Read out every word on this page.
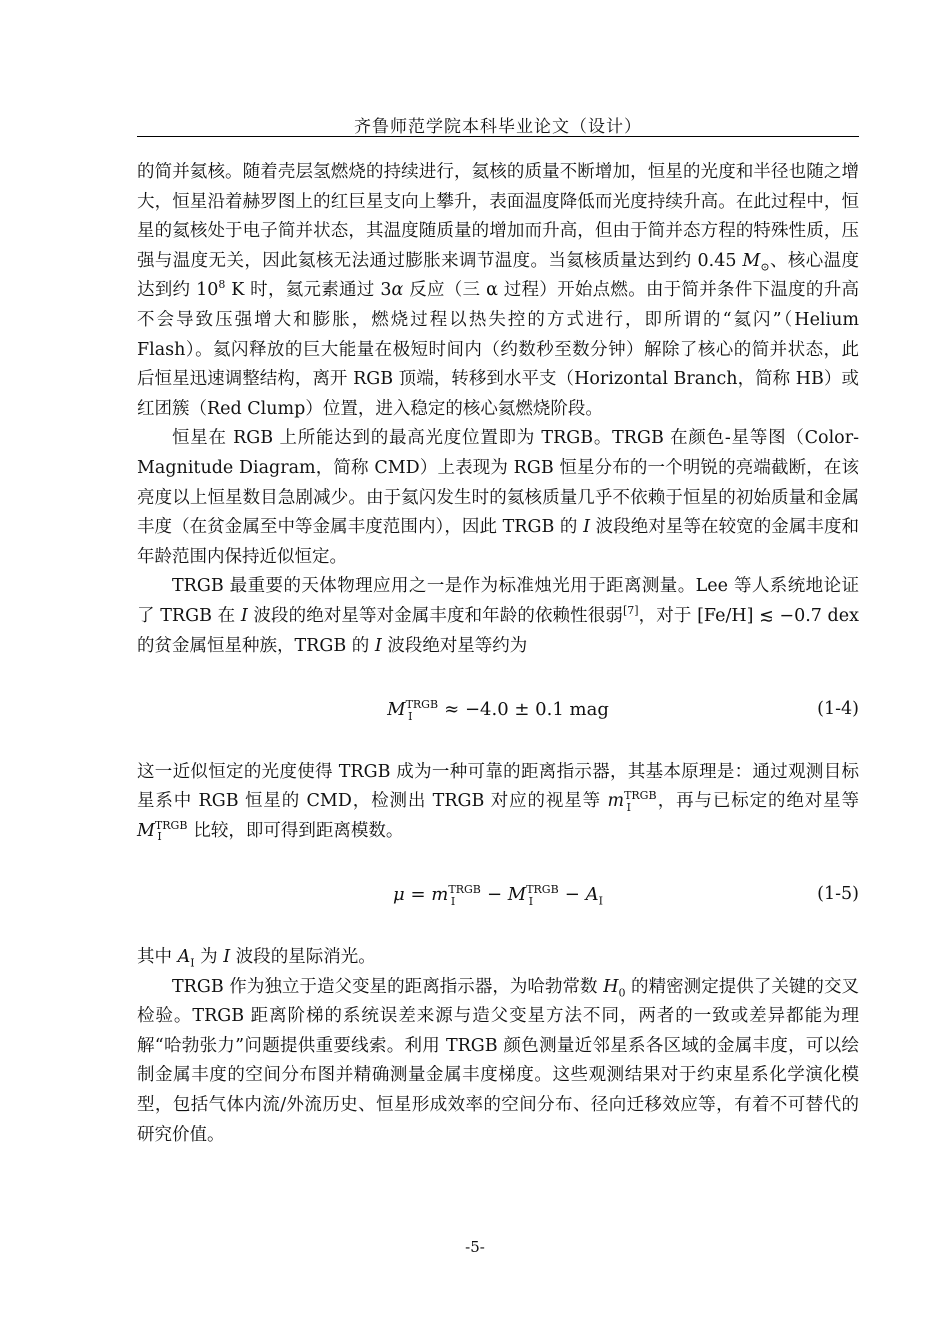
齐鲁师范学院本科毕业论文（设计）

的简并氦核。随着壳层氢燃烧的持续进行，氦核的质量不断增加，恒星的光度和半径也随之增大，恒星沿着赫罗图上的红巨星支向上攀升，表面温度降低而光度持续升高。在此过程中，恒星的氦核处于电子简并状态，其温度随质量的增加而升高，但由于简并态方程的特殊性质，压强与温度无关，因此氦核无法通过膨胀来调节温度。当氦核质量达到约 0.45 $M_⊙$、核心温度达到约 $10^8$ K 时，氦元素通过 3α 反应（三 α 过程）开始点燃。由于简并条件下温度的升高不会导致压强增大和膨胀，燃烧过程以热失控的方式进行，即所谓的“氦闪”（Helium Flash）。氦闪释放的巨大能量在极短时间内（约数秒至数分钟）解除了核心的简并状态，此后恒星迅速调整结构，离开 RGB 顶端，转移到水平支（Horizontal Branch，简称 HB）或红团簇（Red Clump）位置，进入稳定的核心氦燃烧阶段。

恒星在 RGB 上所能达到的最高光度位置即为 TRGB。TRGB 在颜色-星等图（Color-Magnitude Diagram，简称 CMD）上表现为 RGB 恒星分布的一个明锐的亮端截断，在该亮度以上恒星数目急剧减少。由于氦闪发生时的氦核质量几乎不依赖于恒星的初始质量和金属丰度（在贫金属至中等金属丰度范围内），因此 TRGB 的 I 波段绝对星等在较宽的金属丰度和年龄范围内保持近似恒定。

TRGB 最重要的天体物理应用之一是作为标准烛光用于距离测量。Lee 等人系统地论证了 TRGB 在 I 波段的绝对星等对金属丰度和年龄的依赖性很弱[7]，对于 [Fe/H] ≲ −0.7 dex 的贫金属恒星种族，TRGB 的 I 波段绝对星等约为

$M^{TRGB}_I \approx -4.0 \pm 0.1$ mag	(1-4)

这一近似恒定的光度使得 TRGB 成为一种可靠的距离指示器，其基本原理是：通过观测目标星系中 RGB 恒星的 CMD，检测出 TRGB 对应的视星等 $m^{TRGB}_I$ ，再与已标定的绝对星等 $M^{TRGB}_I$ 比较，即可得到距离模数。

$\mu = m^{TRGB}_I - M^{TRGB}_I - A_I$	(1-5)

其中 $A_I$ 为 I 波段的星际消光。

TRGB 作为独立于造父变星的距离指示器，为哈勃常数 $H_0$ 的精密测定提供了关键的交叉检验。TRGB 距离阶梯的系统误差来源与造父变星方法不同，两者的一致或差异都能为理解“哈勃张力”问题提供重要线索。利用 TRGB 颜色测量近邻星系各区域的金属丰度，可以绘制金属丰度的空间分布图并精确测量金属丰度梯度。这些观测结果对于约束星系化学演化模型，包括气体内流/外流历史、恒星形成效率的空间分布、径向迁移效应等，有着不可替代的研究价值。

-5-
